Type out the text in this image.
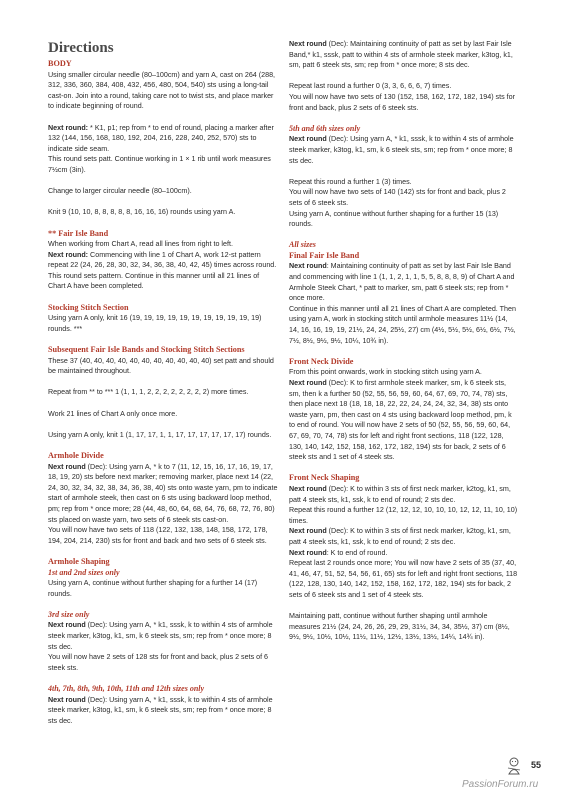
Directions
BODY

Using smaller circular needle (80–100cm) and yarn A, cast on 264 (288, 312, 336, 360, 384, 408, 432, 456, 480, 504, 540) sts using a long-tail cast-on. Join into a round, taking care not to twist sts, and place marker to indicate beginning of round.

Next round: * K1, p1; rep from * to end of round, placing a marker after 132 (144, 156, 168, 180, 192, 204, 216, 228, 240, 252, 570) sts to indicate side seam.

This round sets patt. Continue working in 1 × 1 rib until work measures 7½cm (3in).

Change to larger circular needle (80–100cm).

Knit 9 (10, 10, 8, 8, 8, 8, 8, 16, 16, 16) rounds using yarn A.

** Fair Isle Band

When working from Chart A, read all lines from right to left.

Next round: Commencing with line 1 of Chart A, work 12-st pattern repeat 22 (24, 26, 28, 30, 32, 34, 36, 38, 40, 42, 45) times across round.

This round sets pattern. Continue in this manner until all 21 lines of Chart A have been completed.

Stocking Stitch Section

Using yarn A only, knit 16 (19, 19, 19, 19, 19, 19, 19, 19, 19, 19, 19) rounds. ***

Subsequent Fair Isle Bands and Stocking Stitch Sections

These 37 (40, 40, 40, 40, 40, 40, 40, 40, 40, 40, 40) set patt and should be maintained throughout.

Repeat from ** to *** 1 (1, 1, 1, 2, 2, 2, 2, 2, 2, 2, 2) more times.

Work 21 lines of Chart A only once more.

Using yarn A only, knit 1 (1, 17, 17, 1, 1, 17, 17, 17, 17, 17, 17) rounds.

Armhole Divide

Next round (Dec): Using yarn A, * k to 7 (11, 12, 15, 16, 17, 16, 19, 17, 18, 19, 20) sts before next marker; removing marker, place next 14 (22, 24, 30, 32, 34, 32, 38, 34, 36, 38, 40) sts onto waste yarn, pm to indicate start of armhole steek, then cast on 6 sts using backward loop method, pm; rep from * once more; 28 (44, 48, 60, 64, 68, 64, 76, 68, 72, 76, 80) sts placed on waste yarn, two sets of 6 steek sts cast-on.

You will now have two sets of 118 (122, 132, 138, 148, 158, 172, 178, 194, 204, 214, 230) sts for front and back and two sets of 6 steek sts.

Armhole Shaping
1st and 2nd sizes only

Using yarn A, continue without further shaping for a further 14 (17) rounds.

3rd size only

Next round (Dec): Using yarn A, * k1, sssk, k to within 4 sts of armhole steek marker, k3tog, k1, sm, k 6 steek sts, sm; rep from * once more; 8 sts dec.

You will now have 2 sets of 128 sts for front and back, plus 2 sets of 6 steek sts.

4th, 7th, 8th, 9th, 10th, 11th and 12th sizes only

Next round (Dec): Using yarn A, * k1, sssk, k to within 4 sts of armhole steek marker, k3tog, k1, sm, k 6 steek sts, sm; rep from * once more; 8 sts dec.

Next round (Dec): Maintaining continuity of patt as set by last Fair Isle Band,* k1, sssk, patt to within 4 sts of armhole steek marker, k3tog, k1, sm, patt 6 steek sts, sm; rep from * once more; 8 sts dec.

Repeat last round a further 0 (3, 3, 6, 6, 6, 7) times.

You will now have two sets of 130 (152, 158, 162, 172, 182, 194) sts for front and back, plus 2 sets of 6 steek sts.

5th and 6th sizes only

Next round (Dec): Using yarn A, * k1, sssk, k to within 4 sts of armhole steek marker, k3tog, k1, sm, k 6 steek sts, sm; rep from * once more; 8 sts dec.

Repeat this round a further 1 (3) times.

You will now have two sets of 140 (142) sts for front and back, plus 2 sets of 6 steek sts.

Using yarn A, continue without further shaping for a further 15 (13) rounds.

All sizes
Final Fair Isle Band

Next round: Maintaining continuity of patt as set by last Fair Isle Band and commencing with line 1 (1, 1, 2, 1, 1, 5, 5, 8, 8, 8, 9) of Chart A and Armhole Steek Chart, * patt to marker, sm, patt 6 steek sts; rep from * once more.

Continue in this manner until all 21 lines of Chart A are completed. Then using yarn A, work in stocking stitch until armhole measures 11½ (14, 14, 16, 16, 19, 19, 21½, 24, 24, 25½, 27) cm (4½, 5½, 5½, 6½, 6½, 7½, 7½, 8½, 9½, 9½, 10¼, 10¾ in).

Front Neck Divide

From this point onwards, work in stocking stitch using yarn A.

Next round (Dec): K to first armhole steek marker, sm, k 6 steek sts, sm, then k a further 50 (52, 55, 56, 59, 60, 64, 67, 69, 70, 74, 78) sts, then place next 18 (18, 18, 18, 22, 22, 24, 24, 24, 32, 34, 38) sts onto waste yarn, pm, then cast on 4 sts using backward loop method, pm, k to end of round. You will now have 2 sets of 50 (52, 55, 56, 59, 60, 64, 67, 69, 70, 74, 78) sts for left and right front sections, 118 (122, 128, 130, 140, 142, 152, 158, 162, 172, 182, 194) sts for back, 2 sets of 6 steek sts and 1 set of 4 steek sts.

Front Neck Shaping

Next round (Dec): K to within 3 sts of first neck marker, k2tog, k1, sm, patt 4 steek sts, k1, ssk, k to end of round; 2 sts dec.

Repeat this round a further 12 (12, 12, 12, 10, 10, 10, 12, 12, 11, 10, 10) times.

Next round (Dec): K to within 3 sts of first neck marker, k2tog, k1, sm, patt 4 steek sts, k1, ssk, k to end of round; 2 sts dec.

Next round: K to end of round.

Repeat last 2 rounds once more; You will now have 2 sets of 35 (37, 40, 41, 46, 47, 51, 52, 54, 56, 61, 65) sts for left and right front sections, 118 (122, 128, 130, 140, 142, 152, 158, 162, 172, 182, 194) sts for back, 2 sets of 6 steek sts and 1 set of 4 steek sts.

Maintaining patt, continue without further shaping until armhole measures 21½ (24, 24, 26, 26, 29, 29, 31½, 34, 34, 35½, 37) cm (8½, 9½, 9½, 10½, 10½, 11½, 11½, 12½, 13½, 13½, 14¼, 14¾ in).

55
PassionForum.ru
